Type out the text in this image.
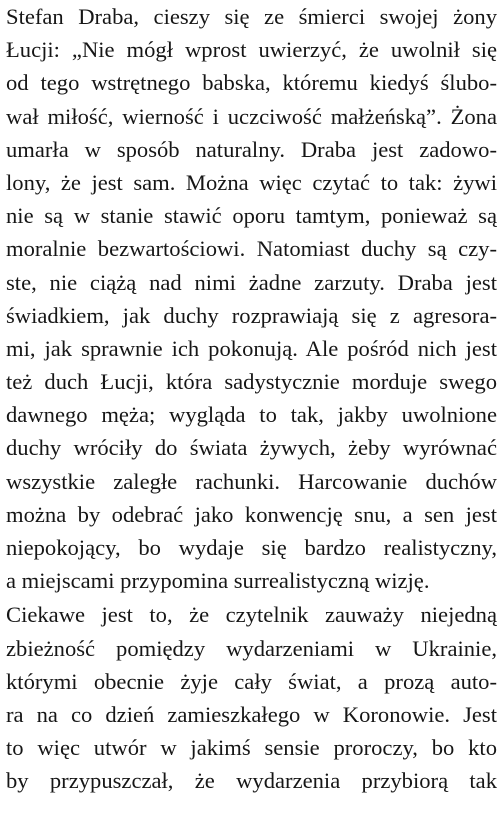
Stefan Draba, cieszy się ze śmierci swojej żony
Łucji: „Nie mógł wprost uwierzyć, że uwolnił się
od tego wstrętnego babska, któremu kiedyś ślubo-
wał miłość, wierność i uczciwość małżeńską”. Żona
umarła w sposób naturalny. Draba jest zadowo-
lony, że jest sam. Można więc czytać to tak: żywi
nie są w stanie stawić oporu tamtym, ponieważ są
moralnie bezwartościowi. Natomiast duchy są czy-
ste, nie ciążą nad nimi żadne zarzuty. Draba jest
świadkiem, jak duchy rozprawiają się z agresora-
mi, jak sprawnie ich pokonują. Ale pośród nich jest
też duch Łucji, która sadystycznie morduje swego
dawnego męża; wygląda to tak, jakby uwolnione
duchy wróciły do świata żywych, żeby wyrównać
wszystkie zaległe rachunki. Harcowanie duchów
można by odebrać jako konwencję snu, a sen jest
niepokojący, bo wydaje się bardzo realistyczny,
a miejscami przypomina surrealistyczną wizję.
Ciekawe jest to, że czytelnik zauważy niejedną
zbieżność pomiędzy wydarzeniami w Ukrainie,
którymi obecnie żyje cały świat, a prozą auto-
ra na co dzień zamieszkałego w Koronowie. Jest
to więc utwór w jakimś sensie proroczy, bo kto
by przypuszczał, że wydarzenia przybiorą tak
